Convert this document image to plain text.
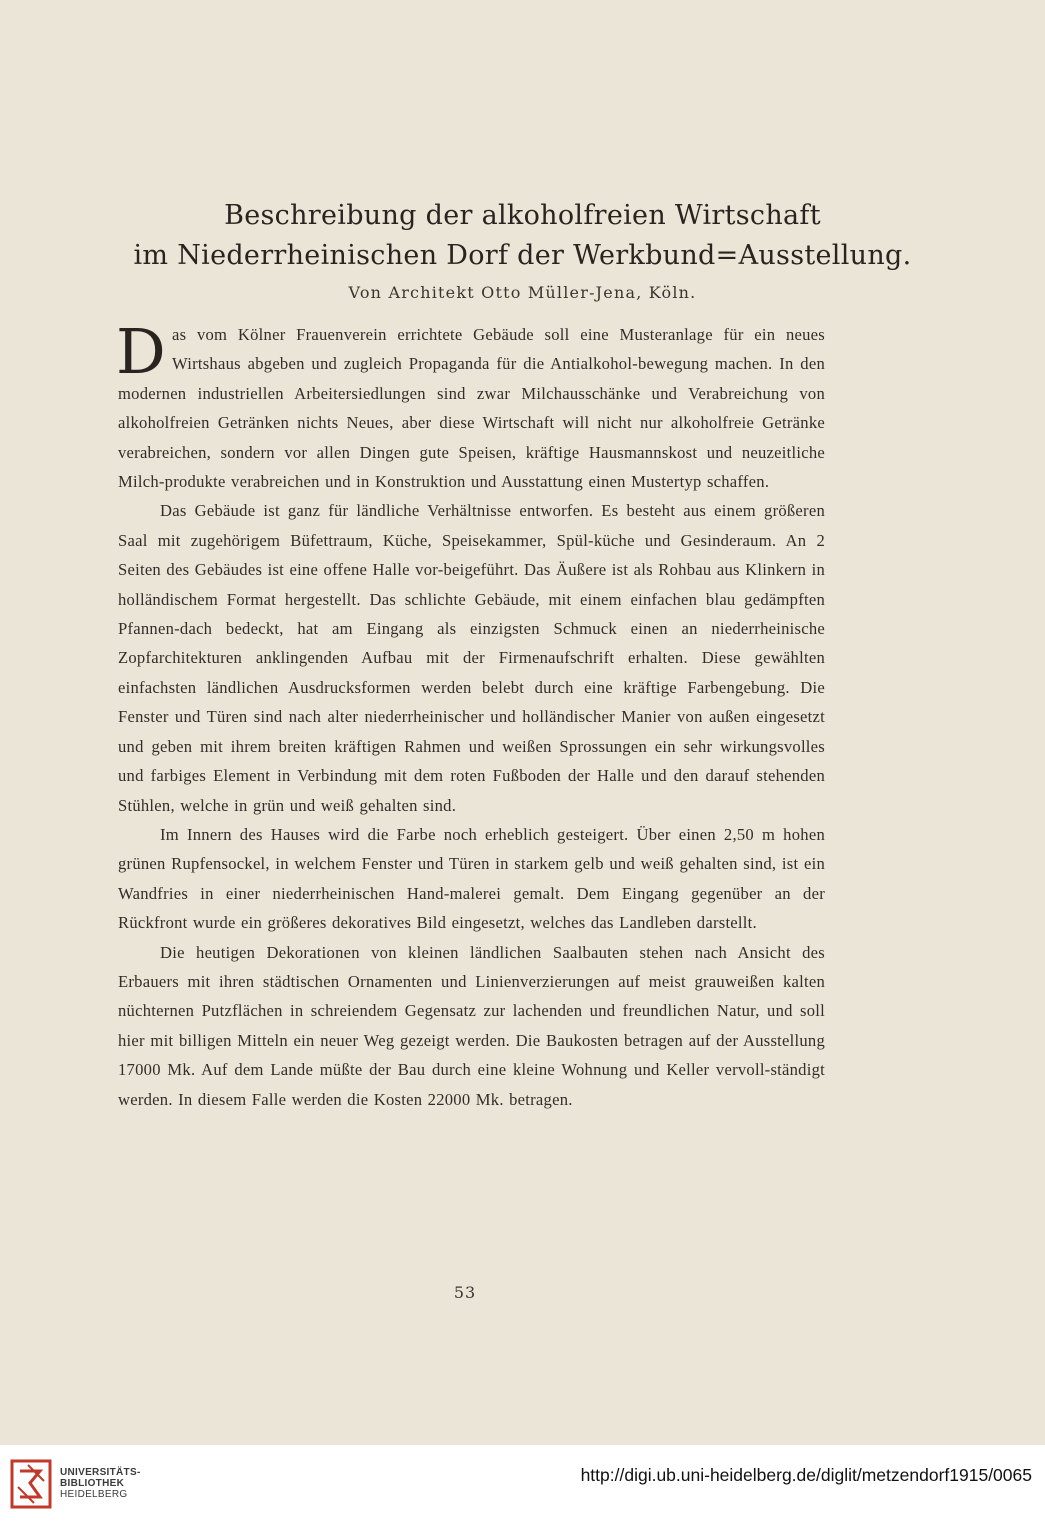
Beschreibung der alkoholfreien Wirtschaft
im Niederrheinischen Dorf der Werkbund=Ausstellung.
Von Architekt Otto Müller-Jena, Köln.

Das vom Kölner Frauenverein errichtete Gebäude soll eine Musteranlage für ein neues Wirtshaus abgeben und zugleich Propaganda für die Antialkohol-bewegung machen. In den modernen industriellen Arbeitersiedlungen sind zwar Milchausschänke und Verabreichung von alkoholfreien Getränken nichts Neues, aber diese Wirtschaft will nicht nur alkoholfreie Getränke verabreichen, sondern vor allen Dingen gute Speisen, kräftige Hausmannskost und neuzeitliche Milch-produkte verabreichen und in Konstruktion und Ausstattung einen Mustertyp schaffen.

Das Gebäude ist ganz für ländliche Verhältnisse entworfen. Es besteht aus einem größeren Saal mit zugehörigem Büfettraum, Küche, Speisekammer, Spül-küche und Gesinderaum. An 2 Seiten des Gebäudes ist eine offene Halle vor-beigeführt. Das Äußere ist als Rohbau aus Klinkern in holländischem Format hergestellt. Das schlichte Gebäude, mit einem einfachen blau gedämpften Pfannen-dach bedeckt, hat am Eingang als einzigsten Schmuck einen an niederrheinische Zopfarchitekturen anklingenden Aufbau mit der Firmenaufschrift erhalten. Diese gewählten einfachsten ländlichen Ausdrucksformen werden belebt durch eine kräftige Farbengebung. Die Fenster und Türen sind nach alter niederrheinischer und holländischer Manier von außen eingesetzt und geben mit ihrem breiten kräftigen Rahmen und weißen Sprossungen ein sehr wirkungsvolles und farbiges Element in Verbindung mit dem roten Fußboden der Halle und den darauf stehenden Stühlen, welche in grün und weiß gehalten sind.

Im Innern des Hauses wird die Farbe noch erheblich gesteigert. Über einen 2,50 m hohen grünen Rupfensockel, in welchem Fenster und Türen in starkem gelb und weiß gehalten sind, ist ein Wandfries in einer niederrheinischen Hand-malerei gemalt. Dem Eingang gegenüber an der Rückfront wurde ein größeres dekoratives Bild eingesetzt, welches das Landleben darstellt.

Die heutigen Dekorationen von kleinen ländlichen Saalbauten stehen nach Ansicht des Erbauers mit ihren städtischen Ornamenten und Linienverzierungen auf meist grauweißen kalten nüchternen Putzflächen in schreiendem Gegensatz zur lachenden und freundlichen Natur, und soll hier mit billigen Mitteln ein neuer Weg gezeigt werden. Die Baukosten betragen auf der Ausstellung 17000 Mk. Auf dem Lande müßte der Bau durch eine kleine Wohnung und Keller vervoll-ständigt werden. In diesem Falle werden die Kosten 22000 Mk. betragen.

53
UNIVERSITÄTS-
BIBLIOTHEK
HEIDELBERG
http://digi.ub.uni-heidelberg.de/diglit/metzendorf1915/0065
